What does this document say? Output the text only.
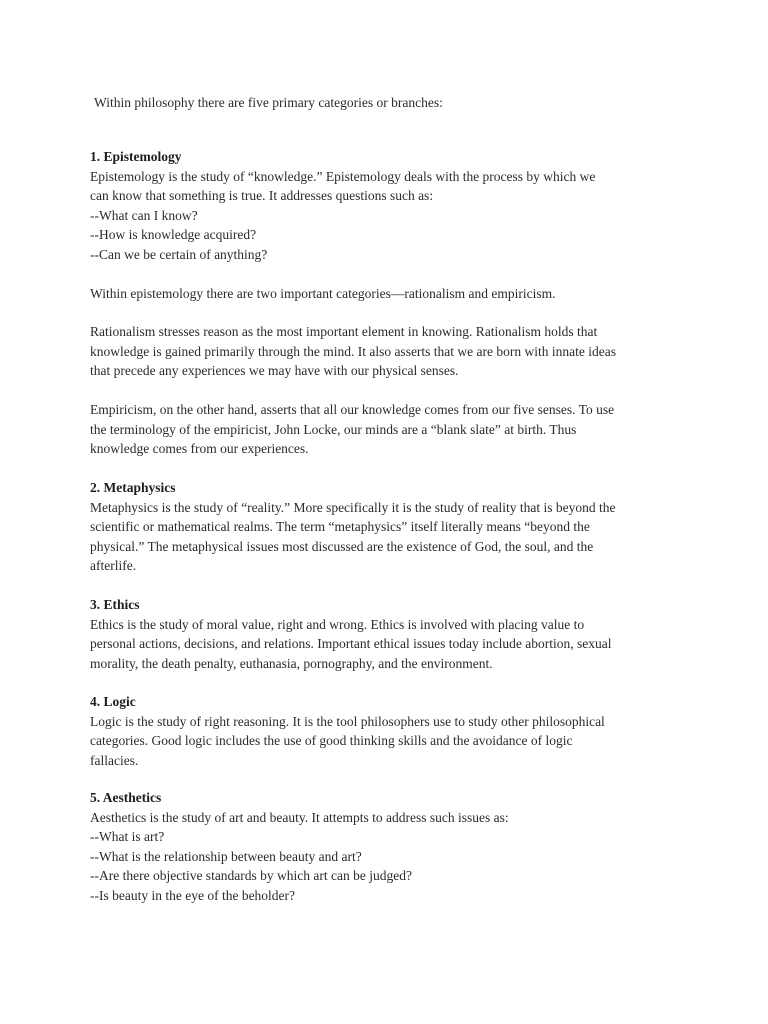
Within philosophy there are five primary categories or branches:
1. Epistemology
Epistemology is the study of “knowledge.” Epistemology deals with the process by which we
can know that something is true. It addresses questions such as:
--What can I know?
--How is knowledge acquired?
--Can we be certain of anything?
Within epistemology there are two important categories—rationalism and empiricism.
Rationalism stresses reason as the most important element in knowing. Rationalism holds that
knowledge is gained primarily through the mind. It also asserts that we are born with innate ideas
that precede any experiences we may have with our physical senses.
Empiricism, on the other hand, asserts that all our knowledge comes from our five senses. To use
the terminology of the empiricist, John Locke, our minds are a “blank slate” at birth. Thus
knowledge comes from our experiences.
2. Metaphysics
Metaphysics is the study of “reality.” More specifically it is the study of reality that is beyond the
scientific or mathematical realms. The term “metaphysics” itself literally means “beyond the
physical.” The metaphysical issues most discussed are the existence of God, the soul, and the
afterlife.
3. Ethics
Ethics is the study of moral value, right and wrong. Ethics is involved with placing value to
personal actions, decisions, and relations. Important ethical issues today include abortion, sexual
morality, the death penalty, euthanasia, pornography, and the environment.
4. Logic
Logic is the study of right reasoning. It is the tool philosophers use to study other philosophical
categories. Good logic includes the use of good thinking skills and the avoidance of logic
fallacies.
5. Aesthetics
Aesthetics is the study of art and beauty. It attempts to address such issues as:
--What is art?
--What is the relationship between beauty and art?
--Are there objective standards by which art can be judged?
--Is beauty in the eye of the beholder?
